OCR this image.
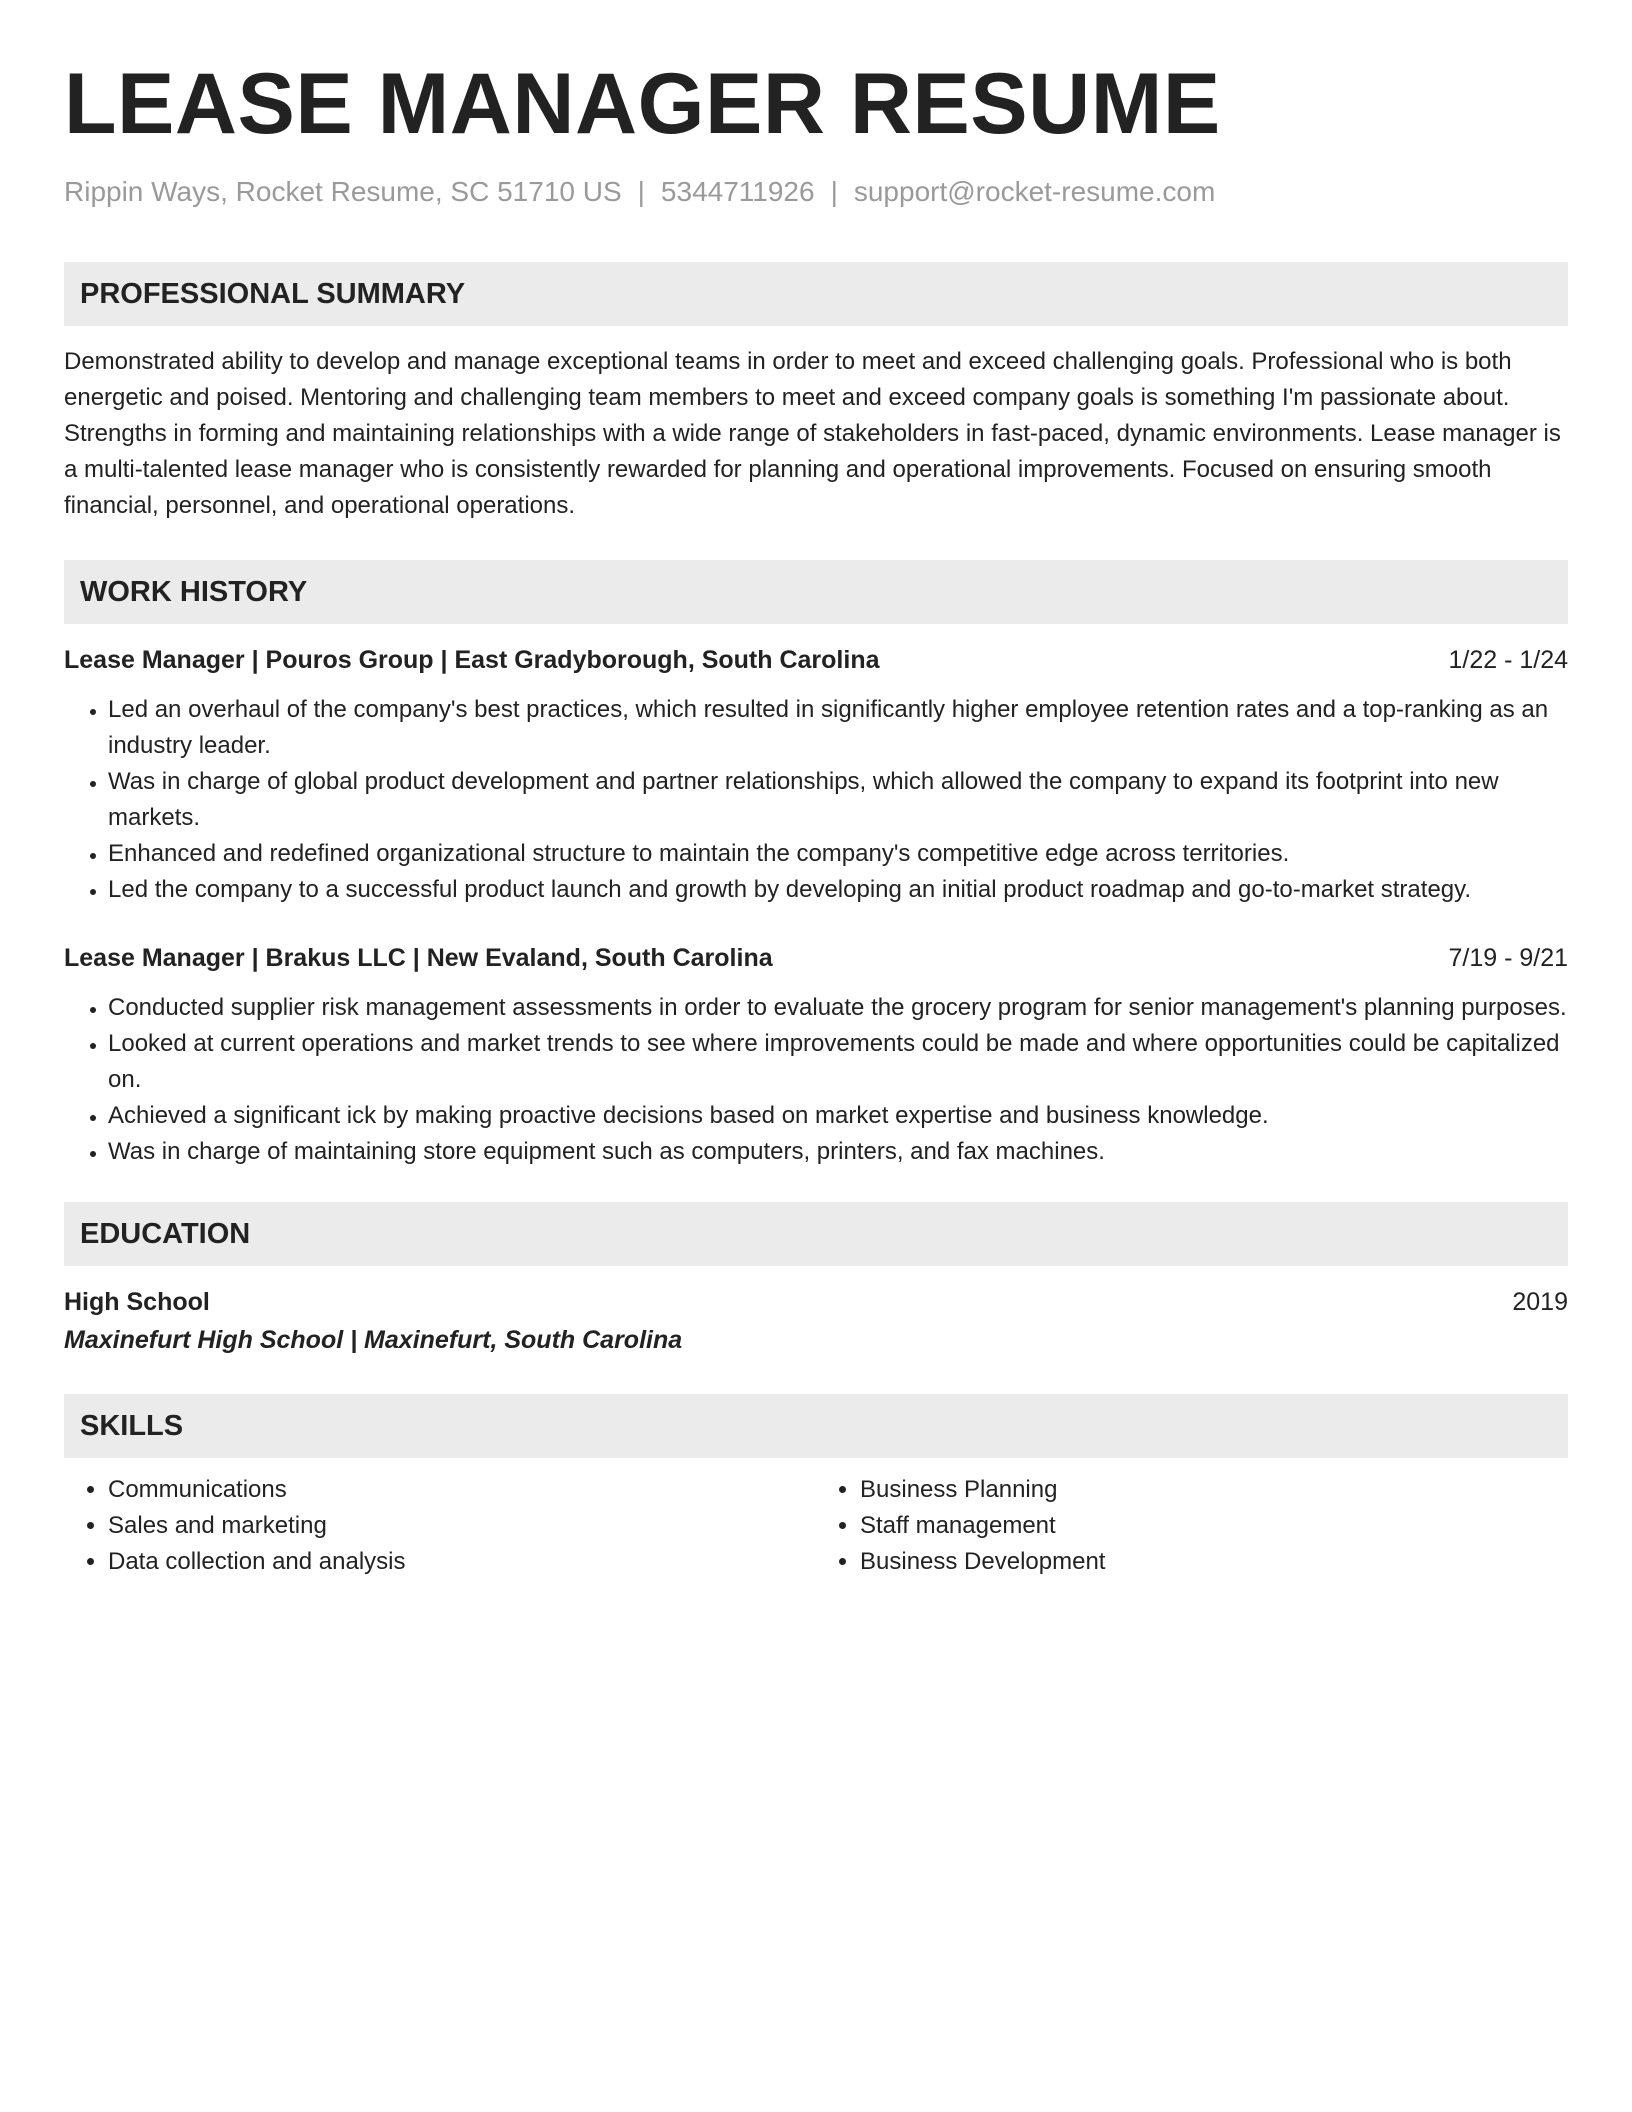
LEASE MANAGER RESUME
Rippin Ways, Rocket Resume, SC 51710 US | 5344711926 | support@rocket-resume.com
PROFESSIONAL SUMMARY

Demonstrated ability to develop and manage exceptional teams in order to meet and exceed challenging goals. Professional who is both energetic and poised. Mentoring and challenging team members to meet and exceed company goals is something I'm passionate about. Strengths in forming and maintaining relationships with a wide range of stakeholders in fast-paced, dynamic environments. Lease manager is a multi-talented lease manager who is consistently rewarded for planning and operational improvements. Focused on ensuring smooth financial, personnel, and operational operations.

WORK HISTORY
Lease Manager | Pouros Group | East Gradyborough, South Carolina	1/22 - 1/24
• Led an overhaul of the company's best practices, which resulted in significantly higher employee retention rates and a top-ranking as an industry leader.
• Was in charge of global product development and partner relationships, which allowed the company to expand its footprint into new markets.
• Enhanced and redefined organizational structure to maintain the company's competitive edge across territories.
• Led the company to a successful product launch and growth by developing an initial product roadmap and go-to-market strategy.
Lease Manager | Brakus LLC | New Evaland, South Carolina	7/19 - 9/21
• Conducted supplier risk management assessments in order to evaluate the grocery program for senior management's planning purposes.
• Looked at current operations and market trends to see where improvements could be made and where opportunities could be capitalized on.
• Achieved a significant ick by making proactive decisions based on market expertise and business knowledge.
• Was in charge of maintaining store equipment such as computers, printers, and fax machines.
EDUCATION
High School	2019
Maxinefurt High School | Maxinefurt, South Carolina
SKILLS
• Communications
• Sales and marketing
• Data collection and analysis
• Business Planning
• Staff management
• Business Development
